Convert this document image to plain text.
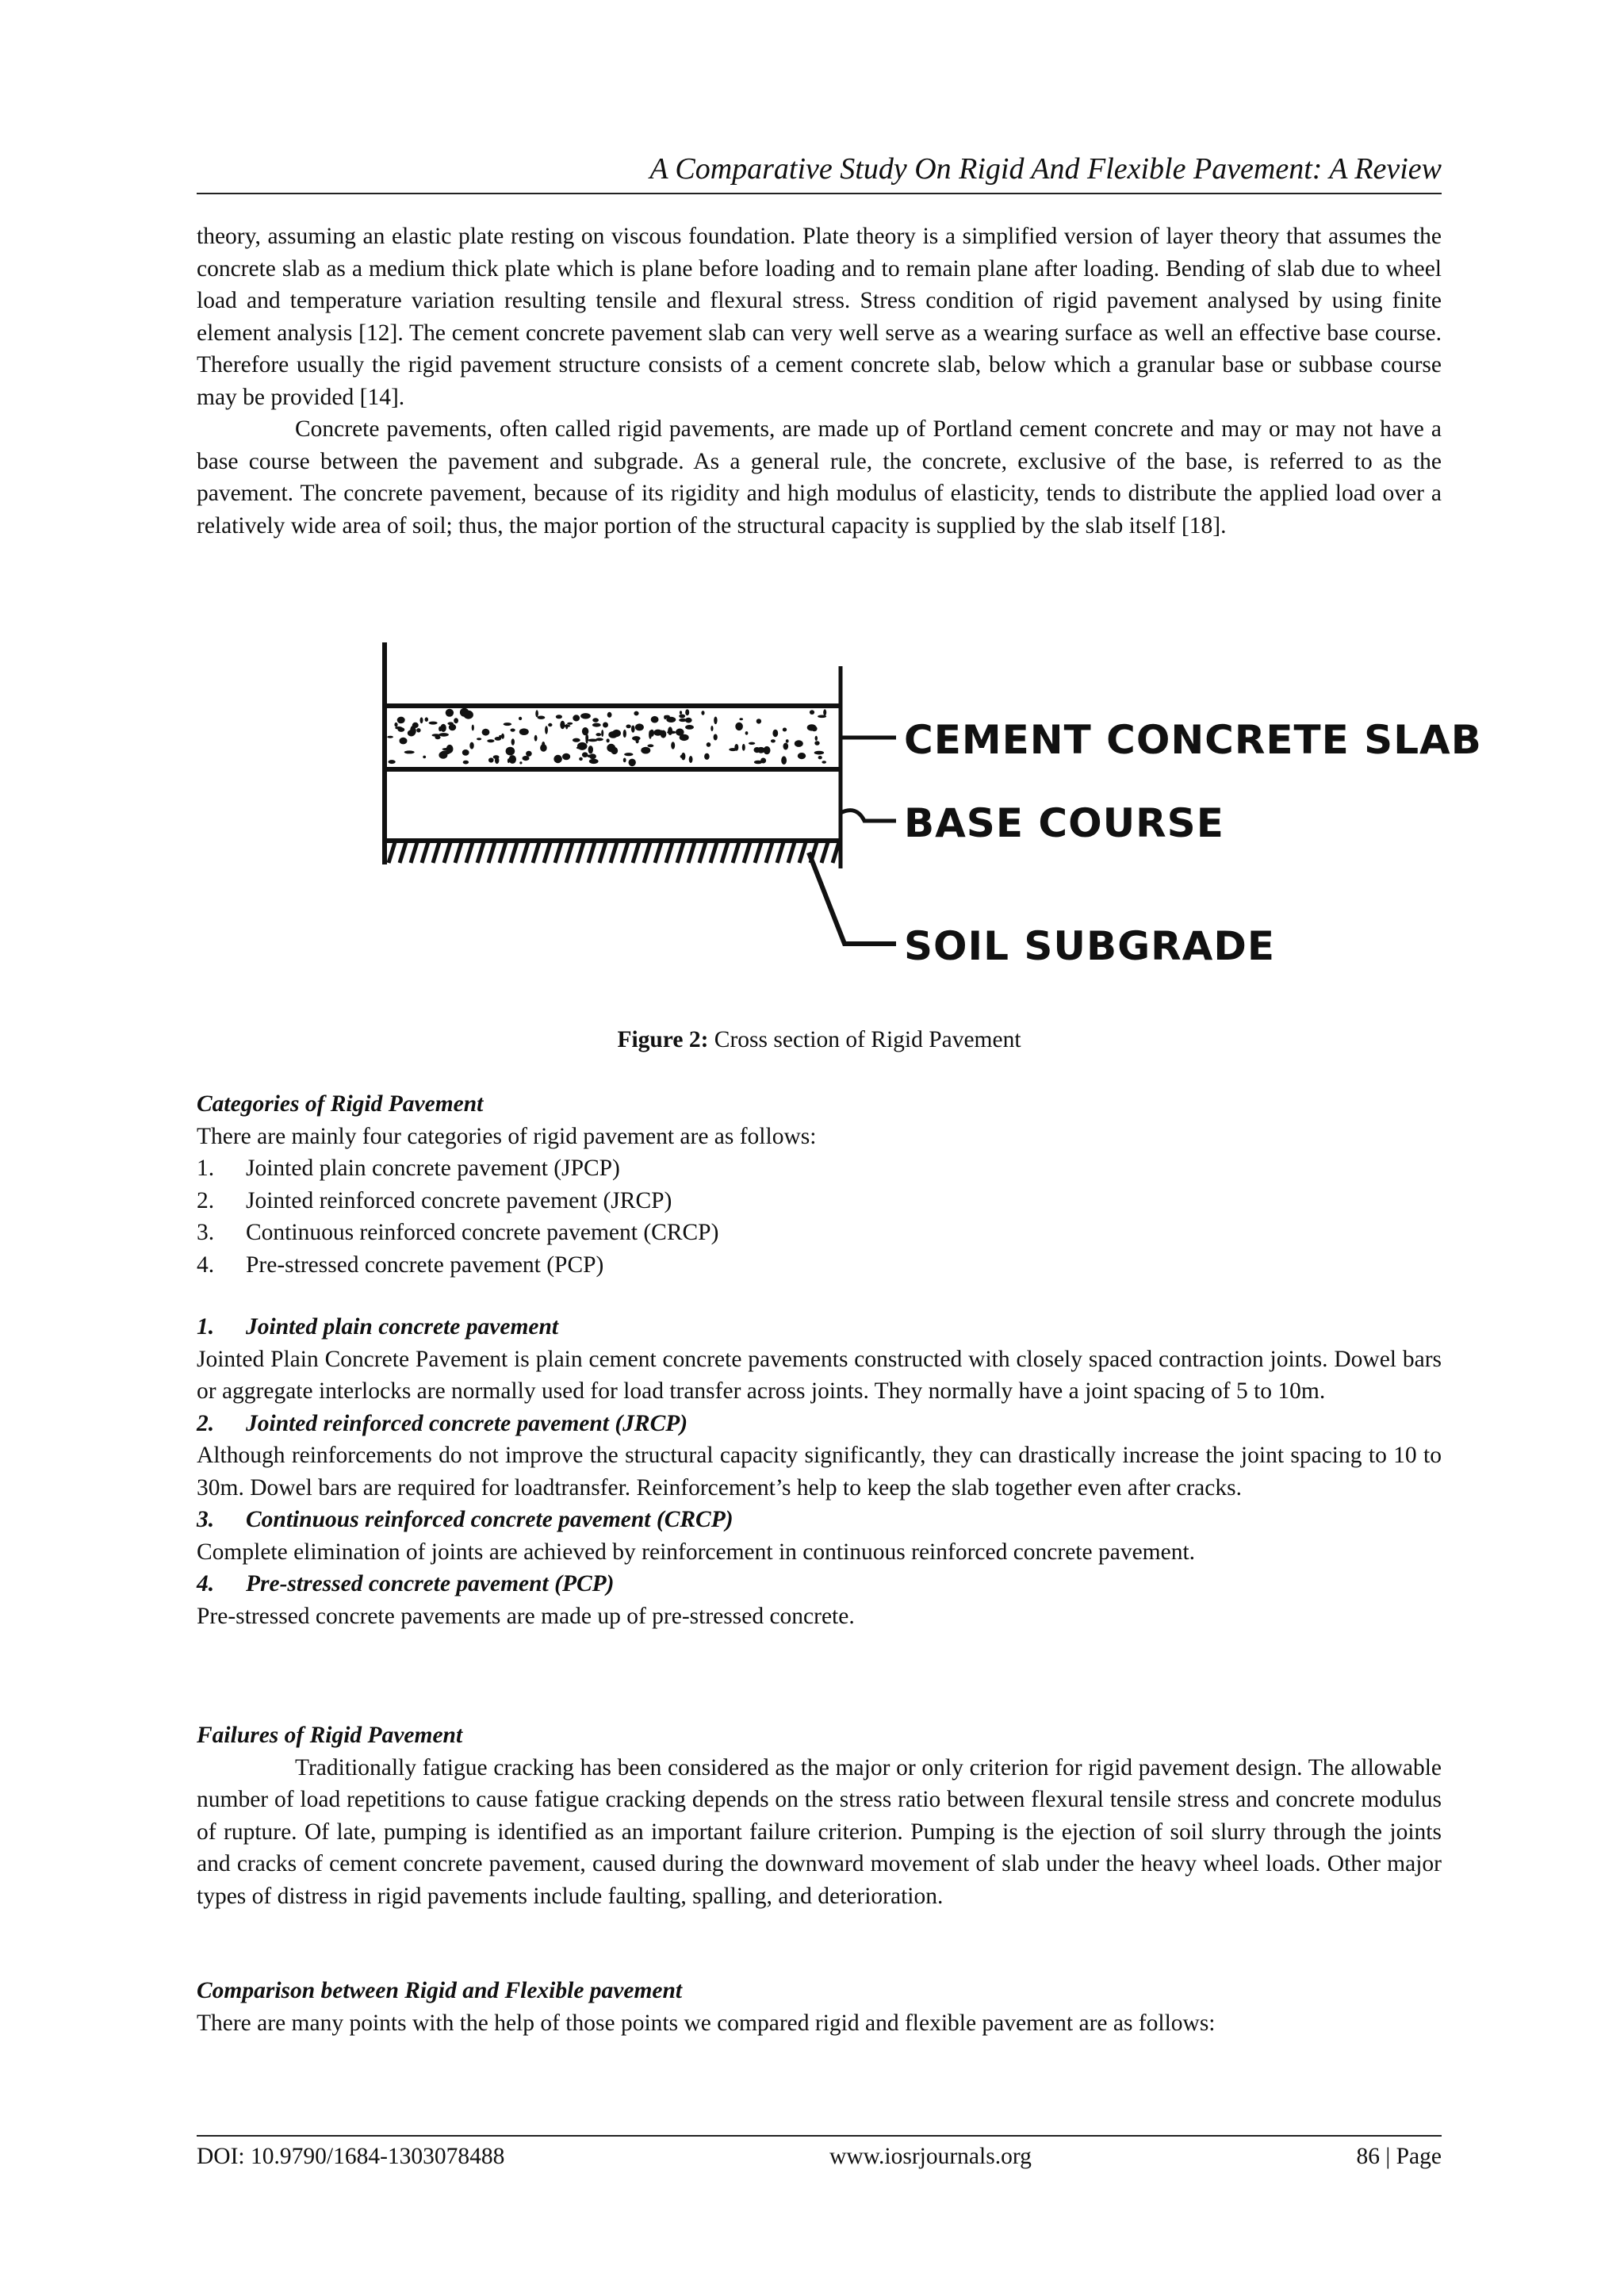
A Comparative Study On Rigid And Flexible Pavement: A Review

theory, assuming an elastic plate resting on viscous foundation. Plate theory is a simplified version of layer theory that assumes the concrete slab as a medium thick plate which is plane before loading and to remain plane after loading. Bending of slab due to wheel load and temperature variation resulting tensile and flexural stress. Stress condition of rigid pavement analysed by using finite element analysis [12]. The cement concrete pavement slab can very well serve as a wearing surface as well an effective base course. Therefore usually the rigid pavement structure consists of a cement concrete slab, below which a granular base or subbase course may be provided [14].

Concrete pavements, often called rigid pavements, are made up of Portland cement concrete and may or may not have a base course between the pavement and subgrade. As a general rule, the concrete, exclusive of the base, is referred to as the pavement. The concrete pavement, because of its rigidity and high modulus of elasticity, tends to distribute the applied load over a relatively wide area of soil; thus, the major portion of the structural capacity is supplied by the slab itself [18].

CEMENT CONCRETE SLAB
BASE COURSE
SOIL SUBGRADE
Figure 2: Cross section of Rigid Pavement

Categories of Rigid Pavement

There are mainly four categories of rigid pavement are as follows:

1.	Jointed plain concrete pavement (JPCP)
2.	Jointed reinforced concrete pavement (JRCP)
3.	Continuous reinforced concrete pavement (CRCP)
4.	Pre-stressed concrete pavement (PCP)

1.	Jointed plain concrete pavement

Jointed Plain Concrete Pavement is plain cement concrete pavements constructed with closely spaced contraction joints. Dowel bars or aggregate interlocks are normally used for load transfer across joints. They normally have a joint spacing of 5 to 10m.

2.	Jointed reinforced concrete pavement (JRCP)

Although reinforcements do not improve the structural capacity significantly, they can drastically increase the joint spacing to 10 to 30m. Dowel bars are required for loadtransfer. Reinforcement’s help to keep the slab together even after cracks.

3.	Continuous reinforced concrete pavement (CRCP)

Complete elimination of joints are achieved by reinforcement in continuous reinforced concrete pavement.

4.	Pre-stressed concrete pavement (PCP)

Pre-stressed concrete pavements are made up of pre-stressed concrete.

Failures of Rigid Pavement

Traditionally fatigue cracking has been considered as the major or only criterion for rigid pavement design. The allowable number of load repetitions to cause fatigue cracking depends on the stress ratio between flexural tensile stress and concrete modulus of rupture. Of late, pumping is identified as an important failure criterion. Pumping is the ejection of soil slurry through the joints and cracks of cement concrete pavement, caused during the downward movement of slab under the heavy wheel loads. Other major types of distress in rigid pavements include faulting, spalling, and deterioration.

Comparison between Rigid and Flexible pavement

There are many points with the help of those points we compared rigid and flexible pavement are as follows:

DOI: 10.9790/1684-1303078488	www.iosrjournals.org	86 | Page
